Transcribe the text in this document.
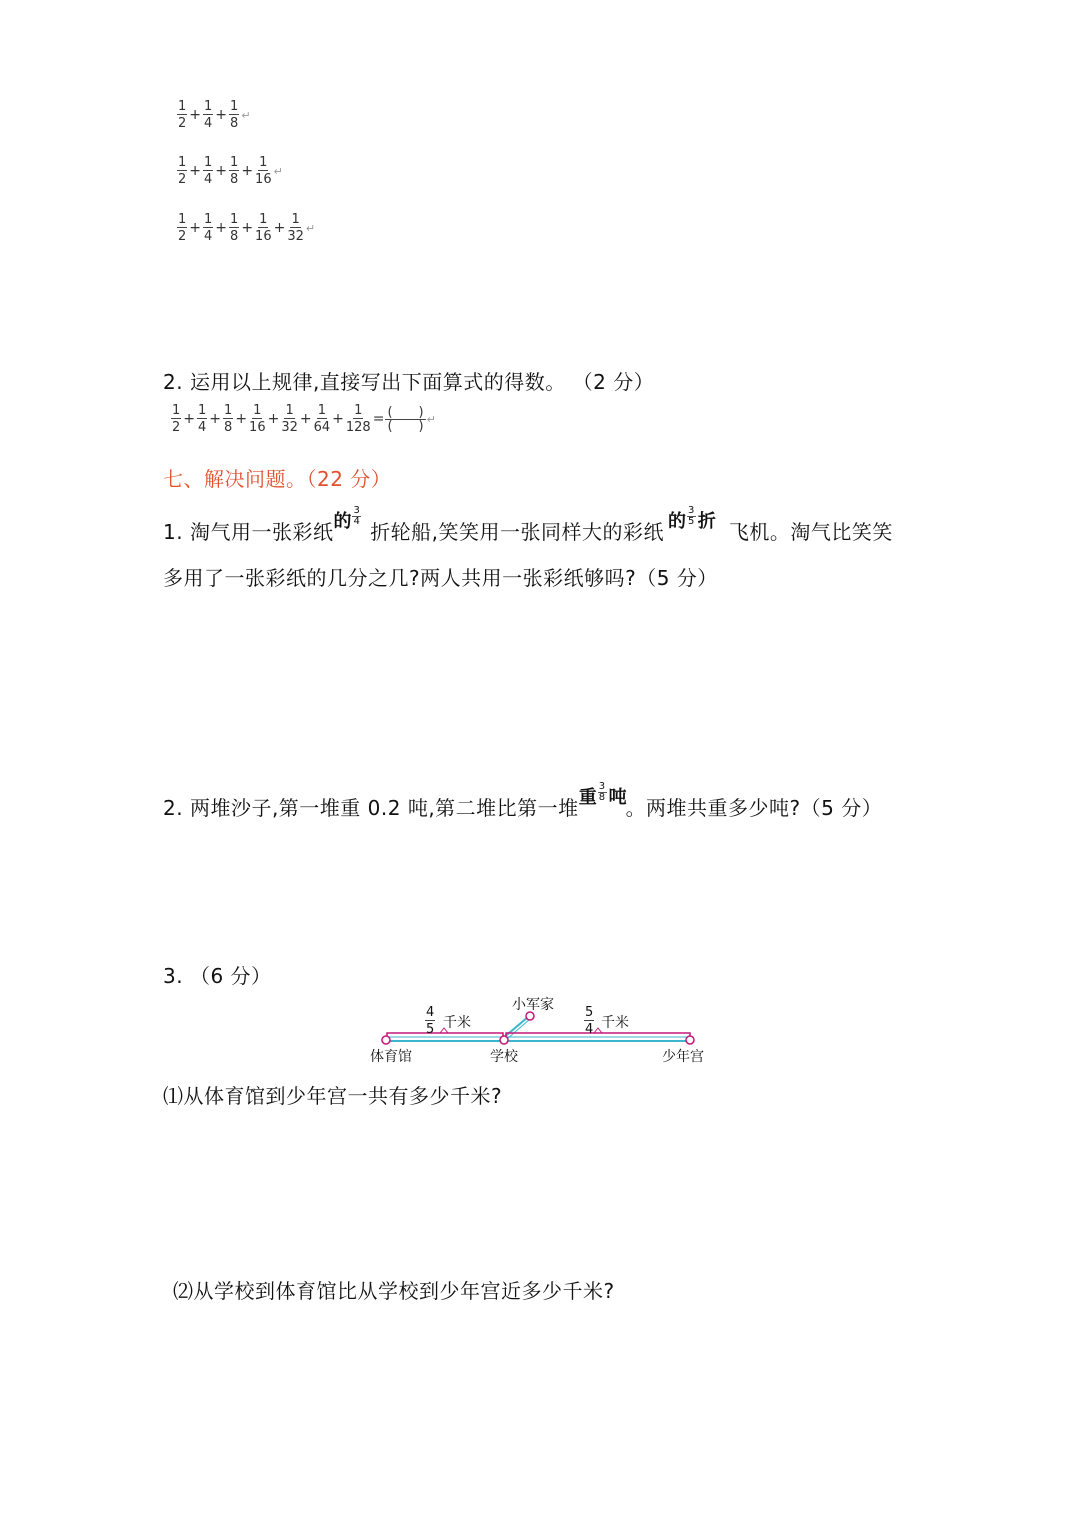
$\frac{1}{2} + \frac{1}{4} + \frac{1}{8}$ ↵
$\frac{1}{2} + \frac{1}{4} + \frac{1}{8} + \frac{1}{16}$ ↵
$\frac{1}{2} + \frac{1}{4} + \frac{1}{8} + \frac{1}{16} + \frac{1}{32}$ ↵
2. 运用以上规律,直接写出下面算式的得数。 （2 分）
$\frac{1}{2} + \frac{1}{4} + \frac{1}{8} + \frac{1}{16} + \frac{1}{32} + \frac{1}{64} + \frac{1}{128} = \frac{( )}{( )}$ ↵
七、解决问题。（22 分）
1. 淘气用一张彩纸的 $\frac{3}{4}$
折轮船,笑笑用一张同样大的彩纸 的 $\frac{3}{5}$ 折 飞机。淘气比笑笑
多用了一张彩纸的几分之几?两人共用一张彩纸够吗?（5 分）
2. 两堆沙子,第一堆重 0.2 吨,第二堆比第一堆重 $\frac{3}{8}$ 吨。两堆共重多少吨?（5 分）
3. （6 分）
小军家
$\frac{4}{5}$ 千米	$\frac{5}{4}$ 千米
体育馆	学校	少年宫
⑴从体育馆到少年宫一共有多少千米?
⑵从学校到体育馆比从学校到少年宫近多少千米?
